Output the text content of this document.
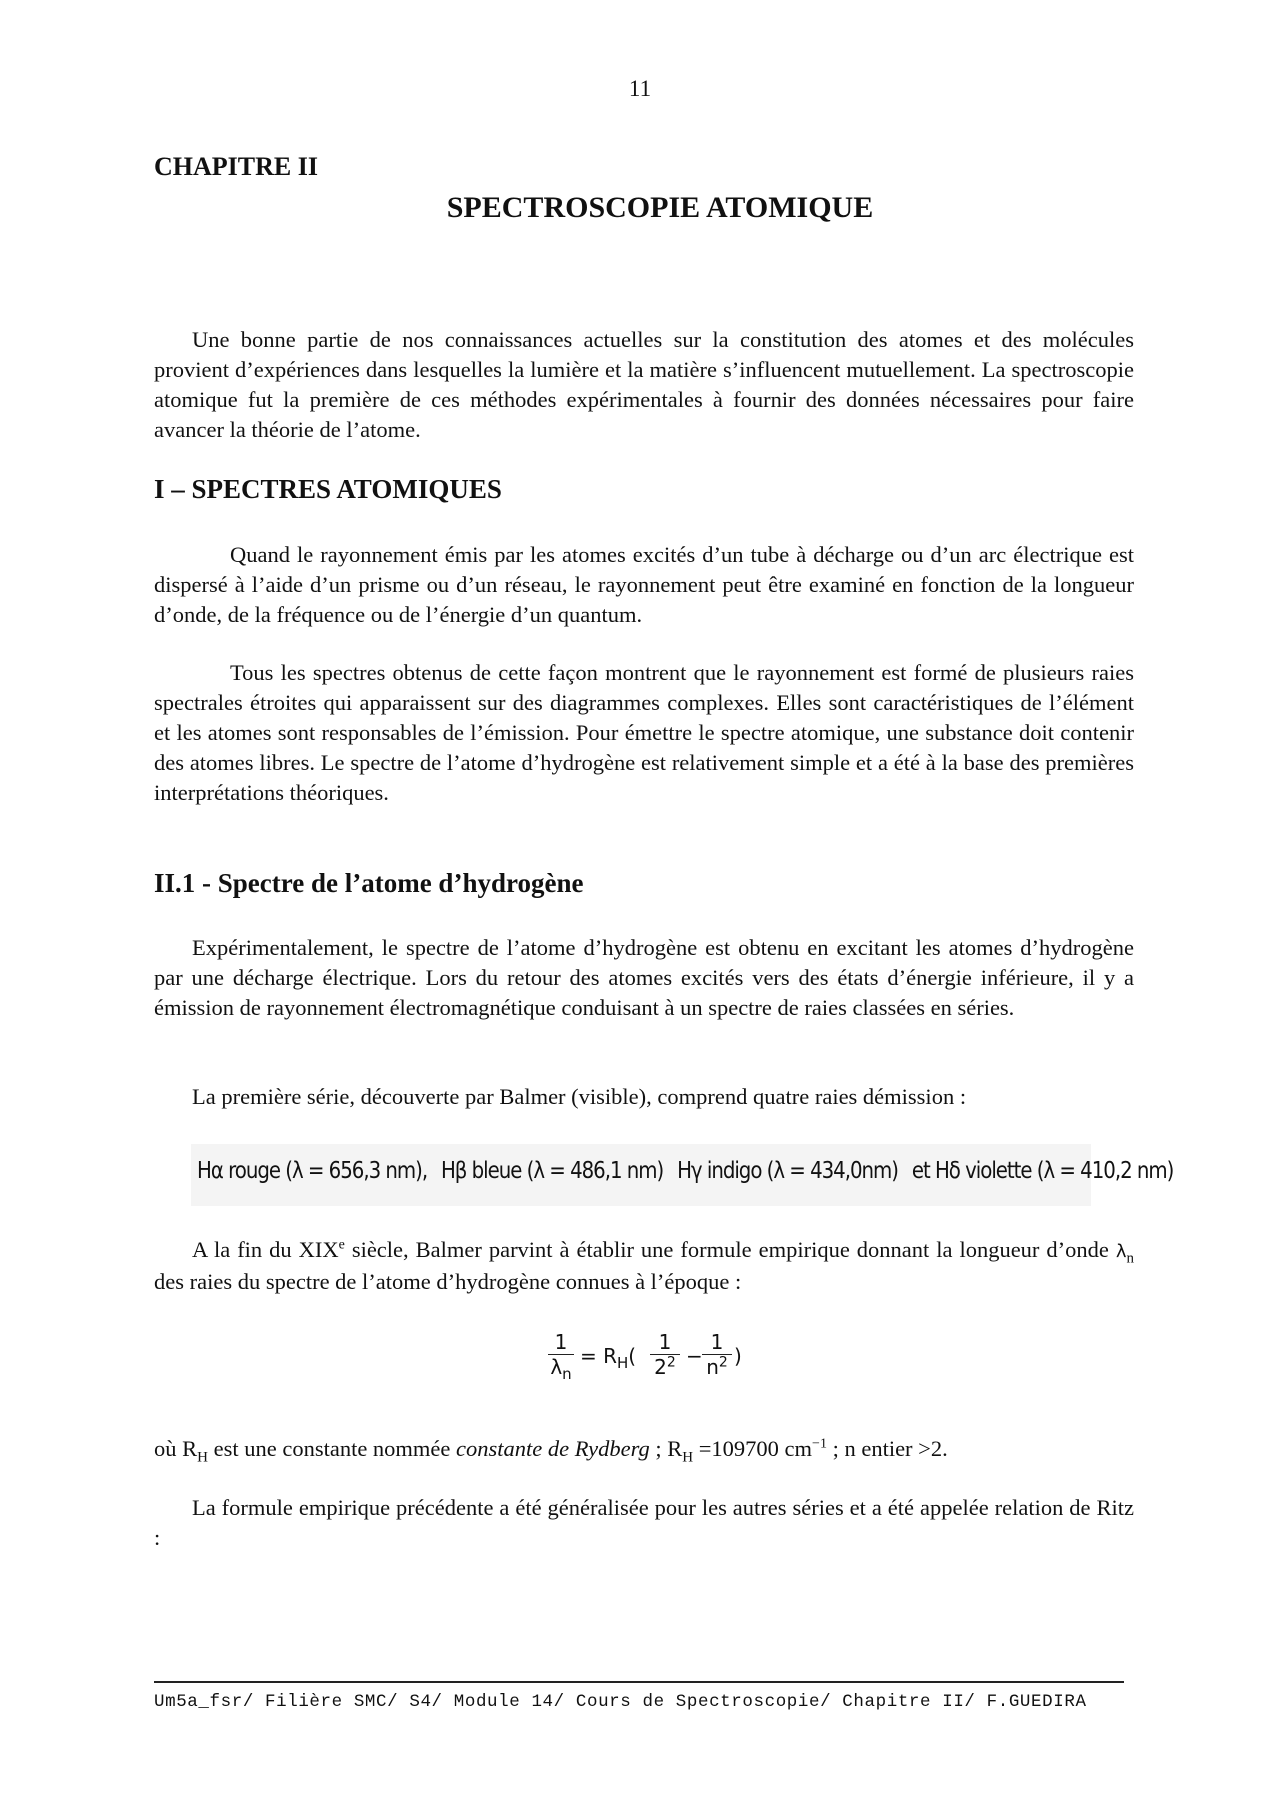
11
CHAPITRE II
SPECTROSCOPIE ATOMIQUE

Une bonne partie de nos connaissances actuelles sur la constitution des atomes et des molécules provient d’expériences dans lesquelles la lumière et la matière s’influencent mutuellement. La spectroscopie atomique fut la première de ces méthodes expérimentales à fournir des données nécessaires pour faire avancer la théorie de l’atome.

I – SPECTRES ATOMIQUES

Quand le rayonnement émis par les atomes excités d’un tube à décharge ou d’un arc électrique est dispersé à l’aide d’un prisme ou d’un réseau, le rayonnement peut être examiné en fonction de la longueur d’onde, de la fréquence ou de l’énergie d’un quantum.

Tous les spectres obtenus de cette façon montrent que le rayonnement est formé de plusieurs raies spectrales étroites qui apparaissent sur des diagrammes complexes. Elles sont caractéristiques de l’élément et les atomes sont responsables de l’émission. Pour émettre le spectre atomique, une substance doit contenir des atomes libres. Le spectre de l’atome d’hydrogène est relativement simple et a été à la base des premières interprétations théoriques.

II.1 - Spectre de l’atome d’hydrogène

Expérimentalement, le spectre de l’atome d’hydrogène est obtenu en excitant les atomes d’hydrogène par une décharge électrique. Lors du retour des atomes excités vers des états d’énergie inférieure, il y a émission de rayonnement électromagnétique conduisant à un spectre de raies classées en séries.

La première série, découverte par Balmer (visible), comprend quatre raies démission :

Hα rouge (λ = 656,3 nm), Hβ bleue (λ = 486,1 nm) Hγ indigo (λ = 434,0nm) et Hδ violette (λ = 410,2 nm)

A la fin du XIXe siècle, Balmer parvint à établir une formule empirique donnant la longueur d’onde $\lambda_n$ des raies du spectre de l’atome d’hydrogène connues à l’époque :

$\frac{1}{\lambda_n} = R_H( \frac{1}{2^2} - \frac{1}{n^2}$ )

où $R_H$ est une constante nommée constante de Rydberg ; $R_H =109700$ $cm^{-1}$ ; n entier >2.

La formule empirique précédente a été généralisée pour les autres séries et a été appelée relation de Ritz :

Um5a_fsr/ Filière SMC/ S4/ Module 14/ Cours de Spectroscopie/ Chapitre II/ F.GUEDIRA
